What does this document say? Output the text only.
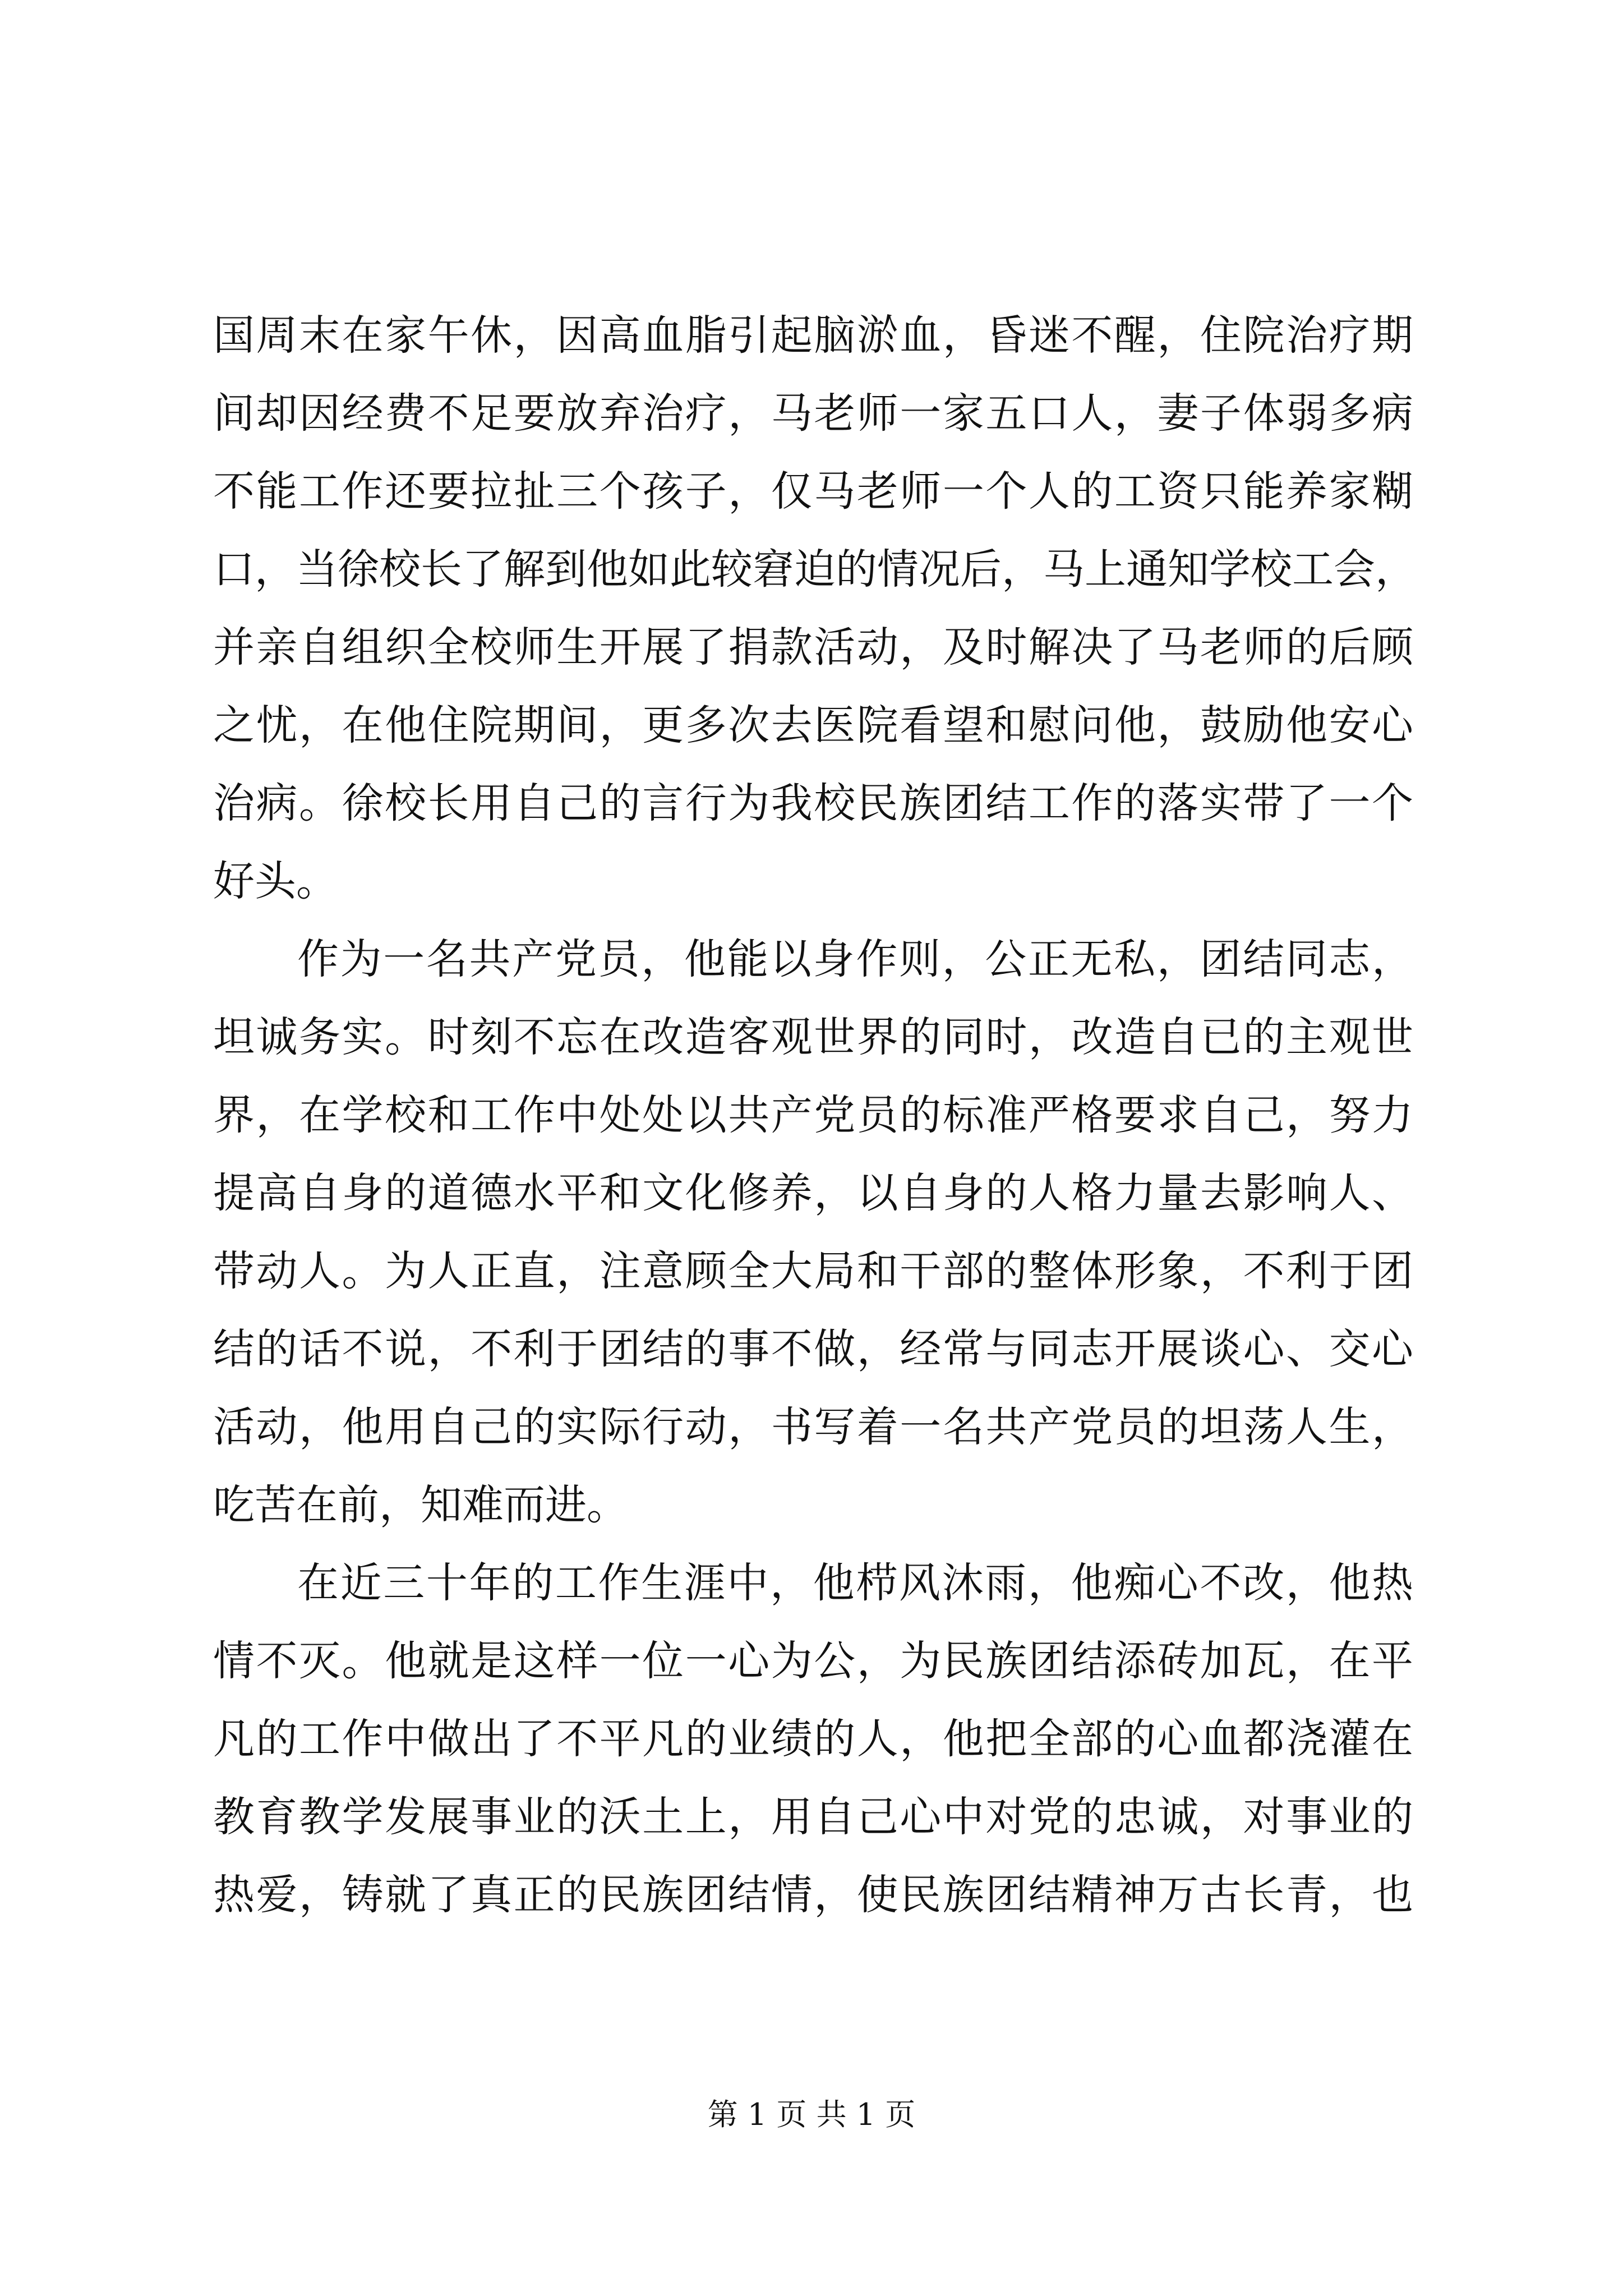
国周末在家午休，因高血脂引起脑淤血，昏迷不醒，住院治疗期
间却因经费不足要放弃治疗，马老师一家五口人，妻子体弱多病
不能工作还要拉扯三个孩子，仅马老师一个人的工资只能养家糊
口，当徐校长了解到他如此较窘迫的情况后，马上通知学校工会，
并亲自组织全校师生开展了捐款活动，及时解决了马老师的后顾
之忧，在他住院期间，更多次去医院看望和慰问他，鼓励他安心
治病。徐校长用自己的言行为我校民族团结工作的落实带了一个
好头。
作为一名共产党员，他能以身作则，公正无私，团结同志，
坦诚务实。时刻不忘在改造客观世界的同时，改造自已的主观世
界，在学校和工作中处处以共产党员的标准严格要求自己，努力
提高自身的道德水平和文化修养，以自身的人格力量去影响人、
带动人。为人正直，注意顾全大局和干部的整体形象，不利于团
结的话不说，不利于团结的事不做，经常与同志开展谈心、交心
活动，他用自己的实际行动，书写着一名共产党员的坦荡人生，
吃苦在前，知难而进。
在近三十年的工作生涯中，他栉风沐雨，他痴心不改，他热
情不灭。他就是这样一位一心为公，为民族团结添砖加瓦，在平
凡的工作中做出了不平凡的业绩的人，他把全部的心血都浇灌在
教育教学发展事业的沃土上，用自己心中对党的忠诚，对事业的
热爱，铸就了真正的民族团结情，使民族团结精神万古长青，也
第 1 页 共 1 页
